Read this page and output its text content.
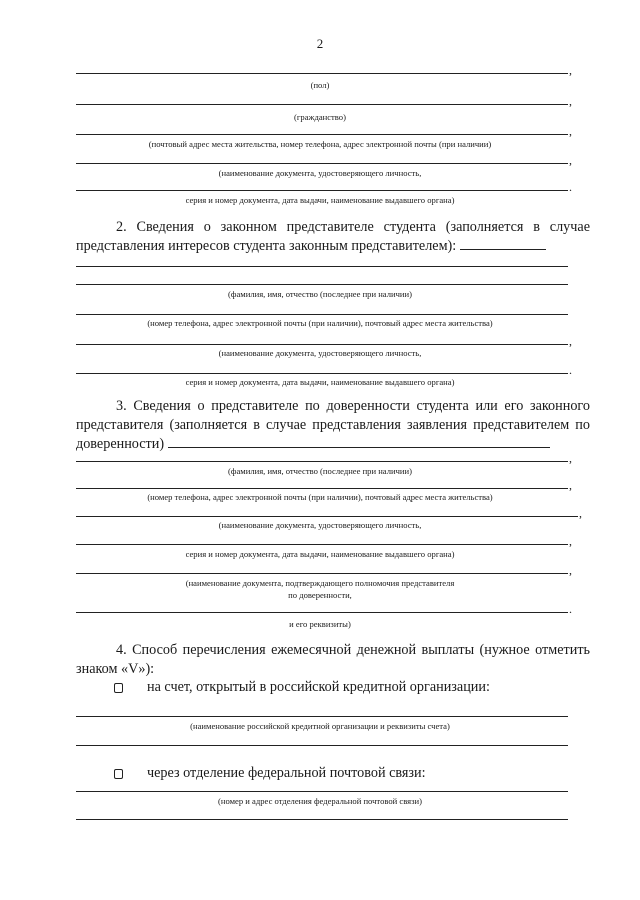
2
,
(пол)
,
(гражданство)
,
(почтовый адрес места жительства, номер телефона, адрес электронной почты (при наличии)
,
(наименование документа, удостоверяющего личность,
.
серия и номер документа, дата выдачи, наименование выдавшего органа)
2. Сведения о законном представителе студента (заполняется в случае представления интересов студента законным представителем):
(фамилия, имя, отчество (последнее при наличии)
(номер телефона, адрес электронной почты (при наличии), почтовый адрес места жительства)
,
(наименование документа, удостоверяющего личность,
.
серия и номер документа, дата выдачи, наименование выдавшего органа)
3. Сведения о представителе по доверенности студента или его законного представителя (заполняется в случае представления заявления представителем по доверенности)
,
(фамилия, имя, отчество (последнее при наличии)
,
(номер телефона, адрес электронной почты (при наличии), почтовый адрес места жительства)
,
(наименование документа, удостоверяющего личность,
,
серия и номер документа, дата выдачи, наименование выдавшего органа)
,
(наименование документа, подтверждающего полномочия представителя
по доверенности,
.
и его реквизиты)
4. Способ перечисления ежемесячной денежной выплаты (нужное отметить знаком «V»):
на счет, открытый в российской кредитной организации:
(наименование российской кредитной организации и реквизиты счета)
через отделение федеральной почтовой связи:
(номер и адрес отделения федеральной почтовой связи)
